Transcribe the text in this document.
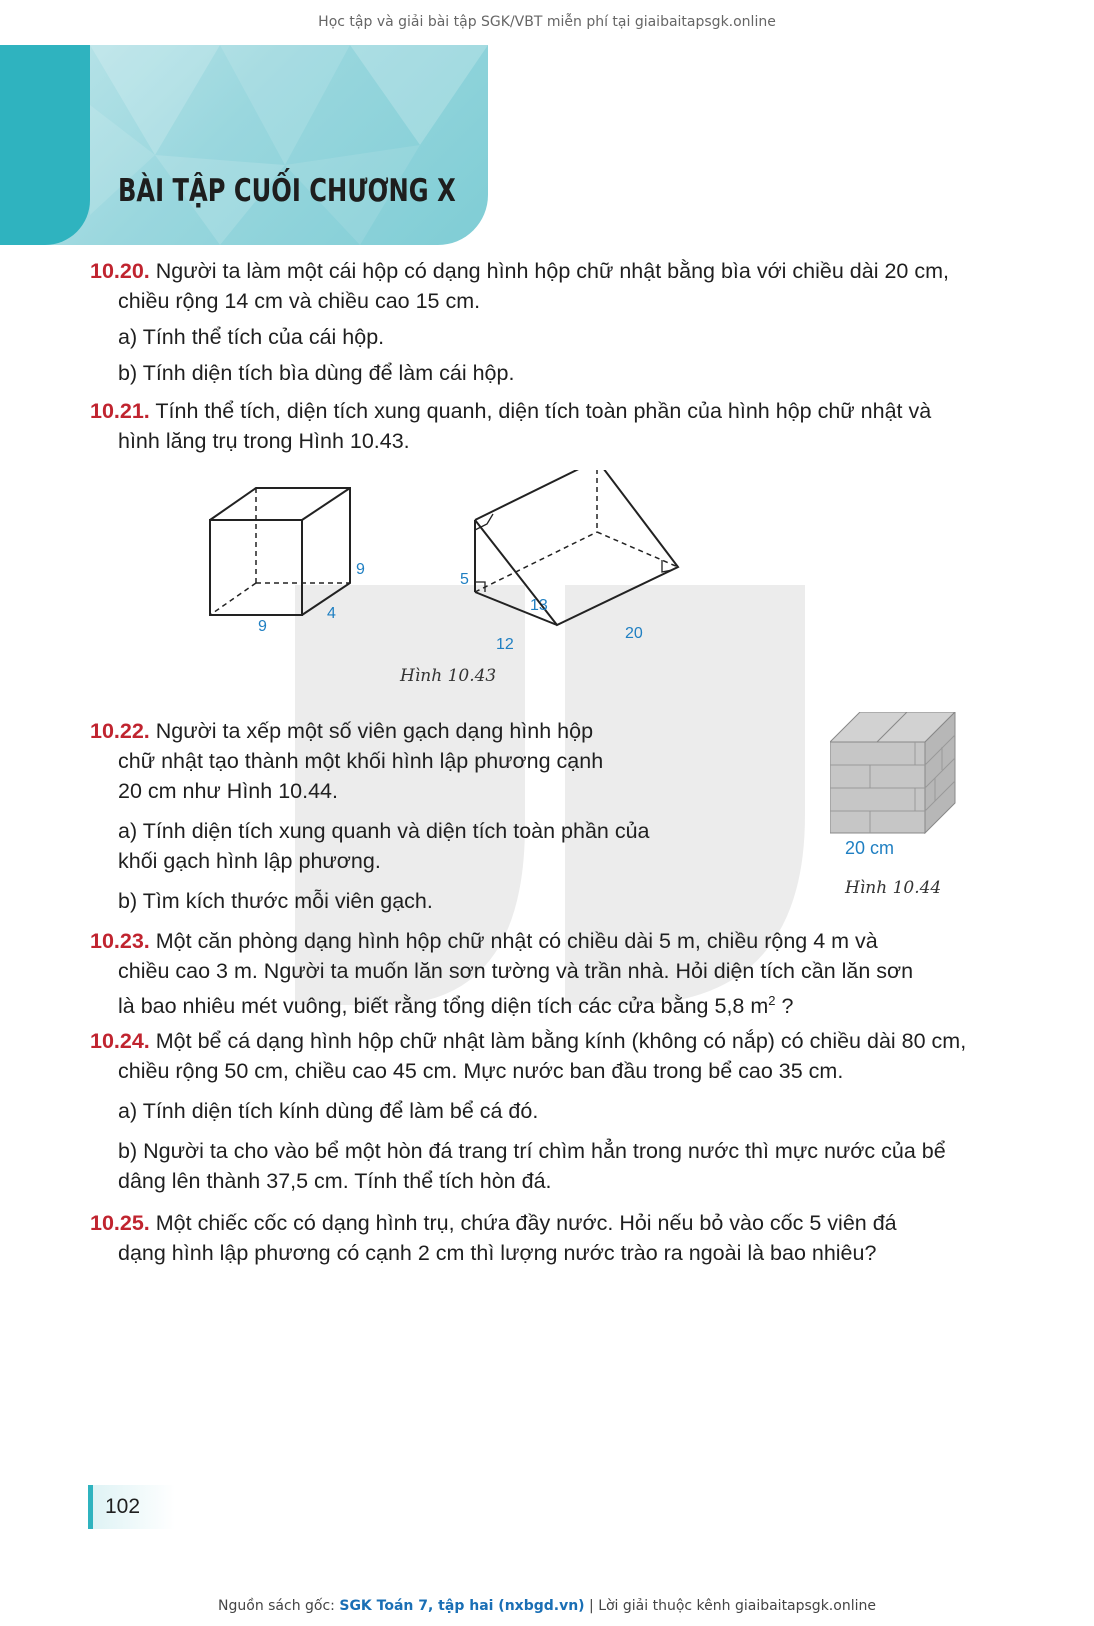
Học tập và giải bài tập SGK/VBT miễn phí tại giaibaitapsgk.online
BÀI TẬP CUỐI CHƯƠNG X
10.20. Người ta làm một cái hộp có dạng hình hộp chữ nhật bằng bìa với chiều dài 20 cm,
chiều rộng 14 cm và chiều cao 15 cm.
a) Tính thể tích của cái hộp.
b) Tính diện tích bìa dùng để làm cái hộp.
10.21. Tính thể tích, diện tích xung quanh, diện tích toàn phần của hình hộp chữ nhật và
hình lăng trụ trong Hình 10.43.
9
9
4
5
13
12
20
Hình 10.43
10.22. Người ta xếp một số viên gạch dạng hình hộp
chữ nhật tạo thành một khối hình lập phương cạnh
20 cm như Hình 10.44.
a) Tính diện tích xung quanh và diện tích toàn phần của
khối gạch hình lập phương.
b) Tìm kích thước mỗi viên gạch.
20 cm
Hình 10.44
10.23. Một căn phòng dạng hình hộp chữ nhật có chiều dài 5 m, chiều rộng 4 m và
chiều cao 3 m. Người ta muốn lăn sơn tường và trần nhà. Hỏi diện tích cần lăn sơn
là bao nhiêu mét vuông, biết rằng tổng diện tích các cửa bằng 5,8 $m^2$ ?
10.24. Một bể cá dạng hình hộp chữ nhật làm bằng kính (không có nắp) có chiều dài 80 cm,
chiều rộng 50 cm, chiều cao 45 cm. Mực nước ban đầu trong bể cao 35 cm.
a) Tính diện tích kính dùng để làm bể cá đó.
b) Người ta cho vào bể một hòn đá trang trí chìm hẳn trong nước thì mực nước của bể
dâng lên thành 37,5 cm. Tính thể tích hòn đá.
10.25. Một chiếc cốc có dạng hình trụ, chứa đầy nước. Hỏi nếu bỏ vào cốc 5 viên đá
dạng hình lập phương có cạnh 2 cm thì lượng nước trào ra ngoài là bao nhiêu?
102
Nguồn sách gốc: SGK Toán 7, tập hai (nxbgd.vn) | Lời giải thuộc kênh giaibaitapsgk.online
